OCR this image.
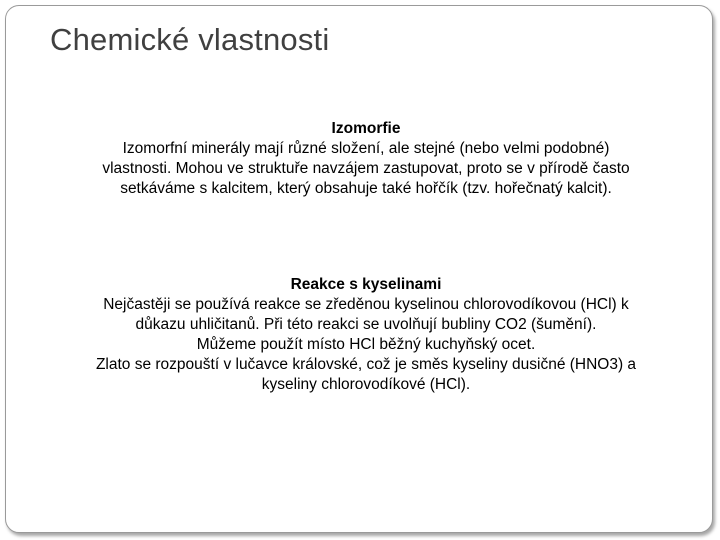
Chemické vlastnosti
Izomorfie
Izomorfní minerály mají různé složení, ale stejné (nebo velmi podobné)
vlastnosti. Mohou ve struktuře navzájem zastupovat, proto se v přírodě často
setkáváme s kalcitem, který obsahuje také hořčík (tzv. hořečnatý kalcit).
Reakce s kyselinami
Nejčastěji se používá reakce se zředěnou kyselinou chlorovodíkovou (HCl) k
důkazu uhličitanů. Při této reakci se uvolňují bubliny CO2 (šumění).
Můžeme použít místo HCl běžný kuchyňský ocet.
Zlato se rozpouští v lučavce královské, což je směs kyseliny dusičné (HNO3) a
kyseliny chlorovodíkové (HCl).
